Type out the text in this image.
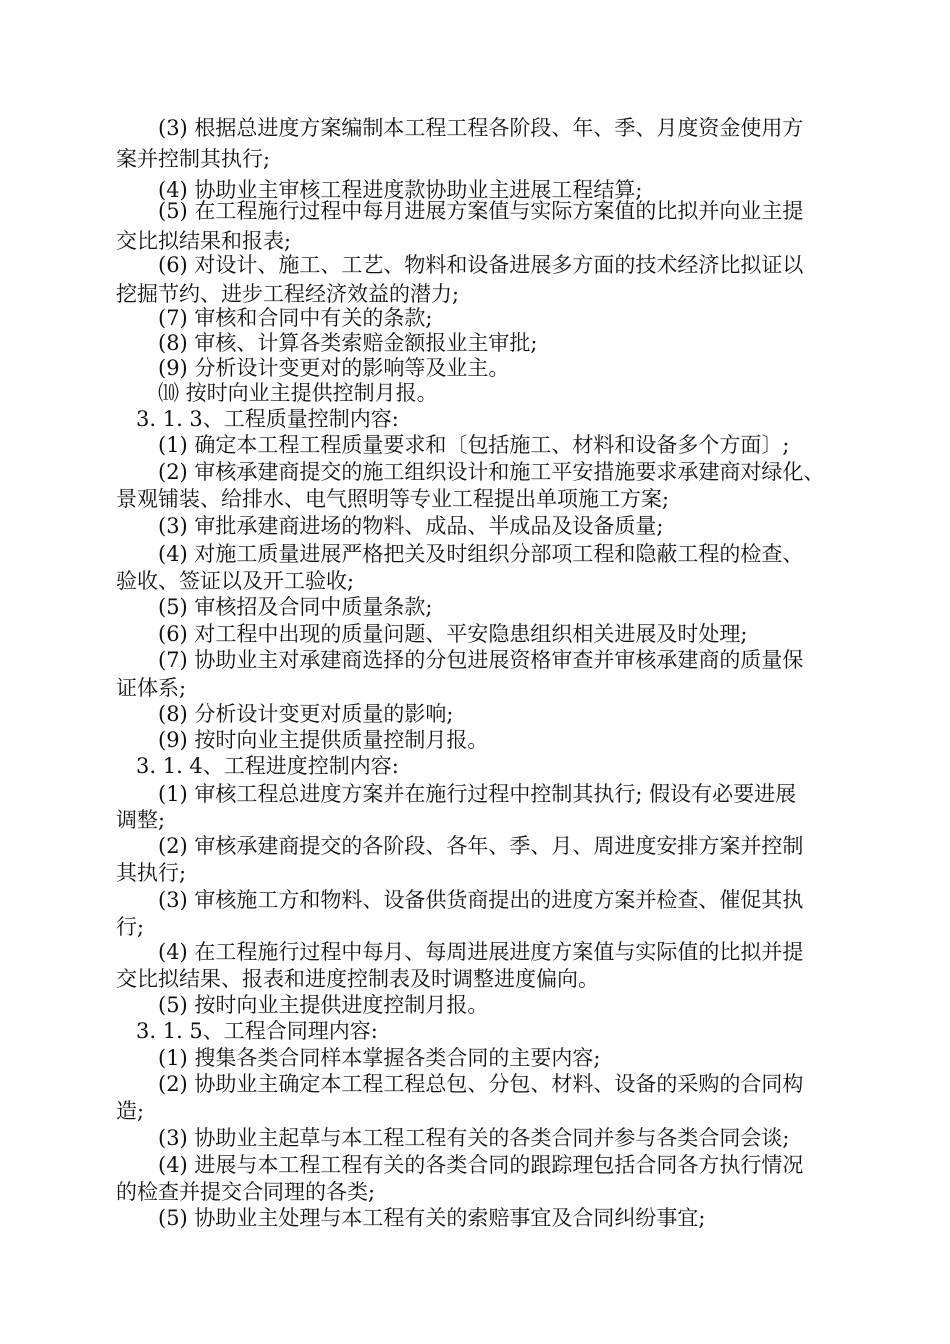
(3) 根据总进度方案编制本工程工程各阶段、年、季、月度资金使用方
案并控制其执行;
(4) 协助业主审核工程进度款协助业主进展工程结算;
(5) 在工程施行过程中每月进展方案值与实际方案值的比拟并向业主提
交比拟结果和报表;
(6) 对设计、施工、工艺、物料和设备进展多方面的技术经济比拟证以
挖掘节约、进步工程经济效益的潜力;
(7) 审核和合同中有关的条款;
(8) 审核、计算各类索赔金额报业主审批;
(9) 分析设计变更对的影响等及业主。
⑽ 按时向业主提供控制月报。
3. 1. 3、工程质量控制内容:
(1) 确定本工程工程质量要求和〔包括施工、材料和设备多个方面〕;
(2) 审核承建商提交的施工组织设计和施工平安措施要求承建商对绿化、
景观铺装、给排水、电气照明等专业工程提出单项施工方案;
(3) 审批承建商进场的物料、成品、半成品及设备质量;
(4) 对施工质量进展严格把关及时组织分部项工程和隐蔽工程的检查、
验收、签证以及开工验收;
(5) 审核招及合同中质量条款;
(6) 对工程中出现的质量问题、平安隐患组织相关进展及时处理;
(7) 协助业主对承建商选择的分包进展资格审查并审核承建商的质量保
证体系;
(8) 分析设计变更对质量的影响;
(9) 按时向业主提供质量控制月报。
3. 1. 4、工程进度控制内容:
(1) 审核工程总进度方案并在施行过程中控制其执行; 假设有必要进展
调整;
(2) 审核承建商提交的各阶段、各年、季、月、周进度安排方案并控制
其执行;
(3) 审核施工方和物料、设备供货商提出的进度方案并检查、催促其执
行;
(4) 在工程施行过程中每月、每周进展进度方案值与实际值的比拟并提
交比拟结果、报表和进度控制表及时调整进度偏向。
(5) 按时向业主提供进度控制月报。
3. 1. 5、工程合同理内容:
(1) 搜集各类合同样本掌握各类合同的主要内容;
(2) 协助业主确定本工程工程总包、分包、材料、设备的采购的合同构
造;
(3) 协助业主起草与本工程工程有关的各类合同并参与各类合同会谈;
(4) 进展与本工程工程有关的各类合同的跟踪理包括合同各方执行情况
的检查并提交合同理的各类;
(5) 协助业主处理与本工程有关的索赔事宜及合同纠纷事宜;
